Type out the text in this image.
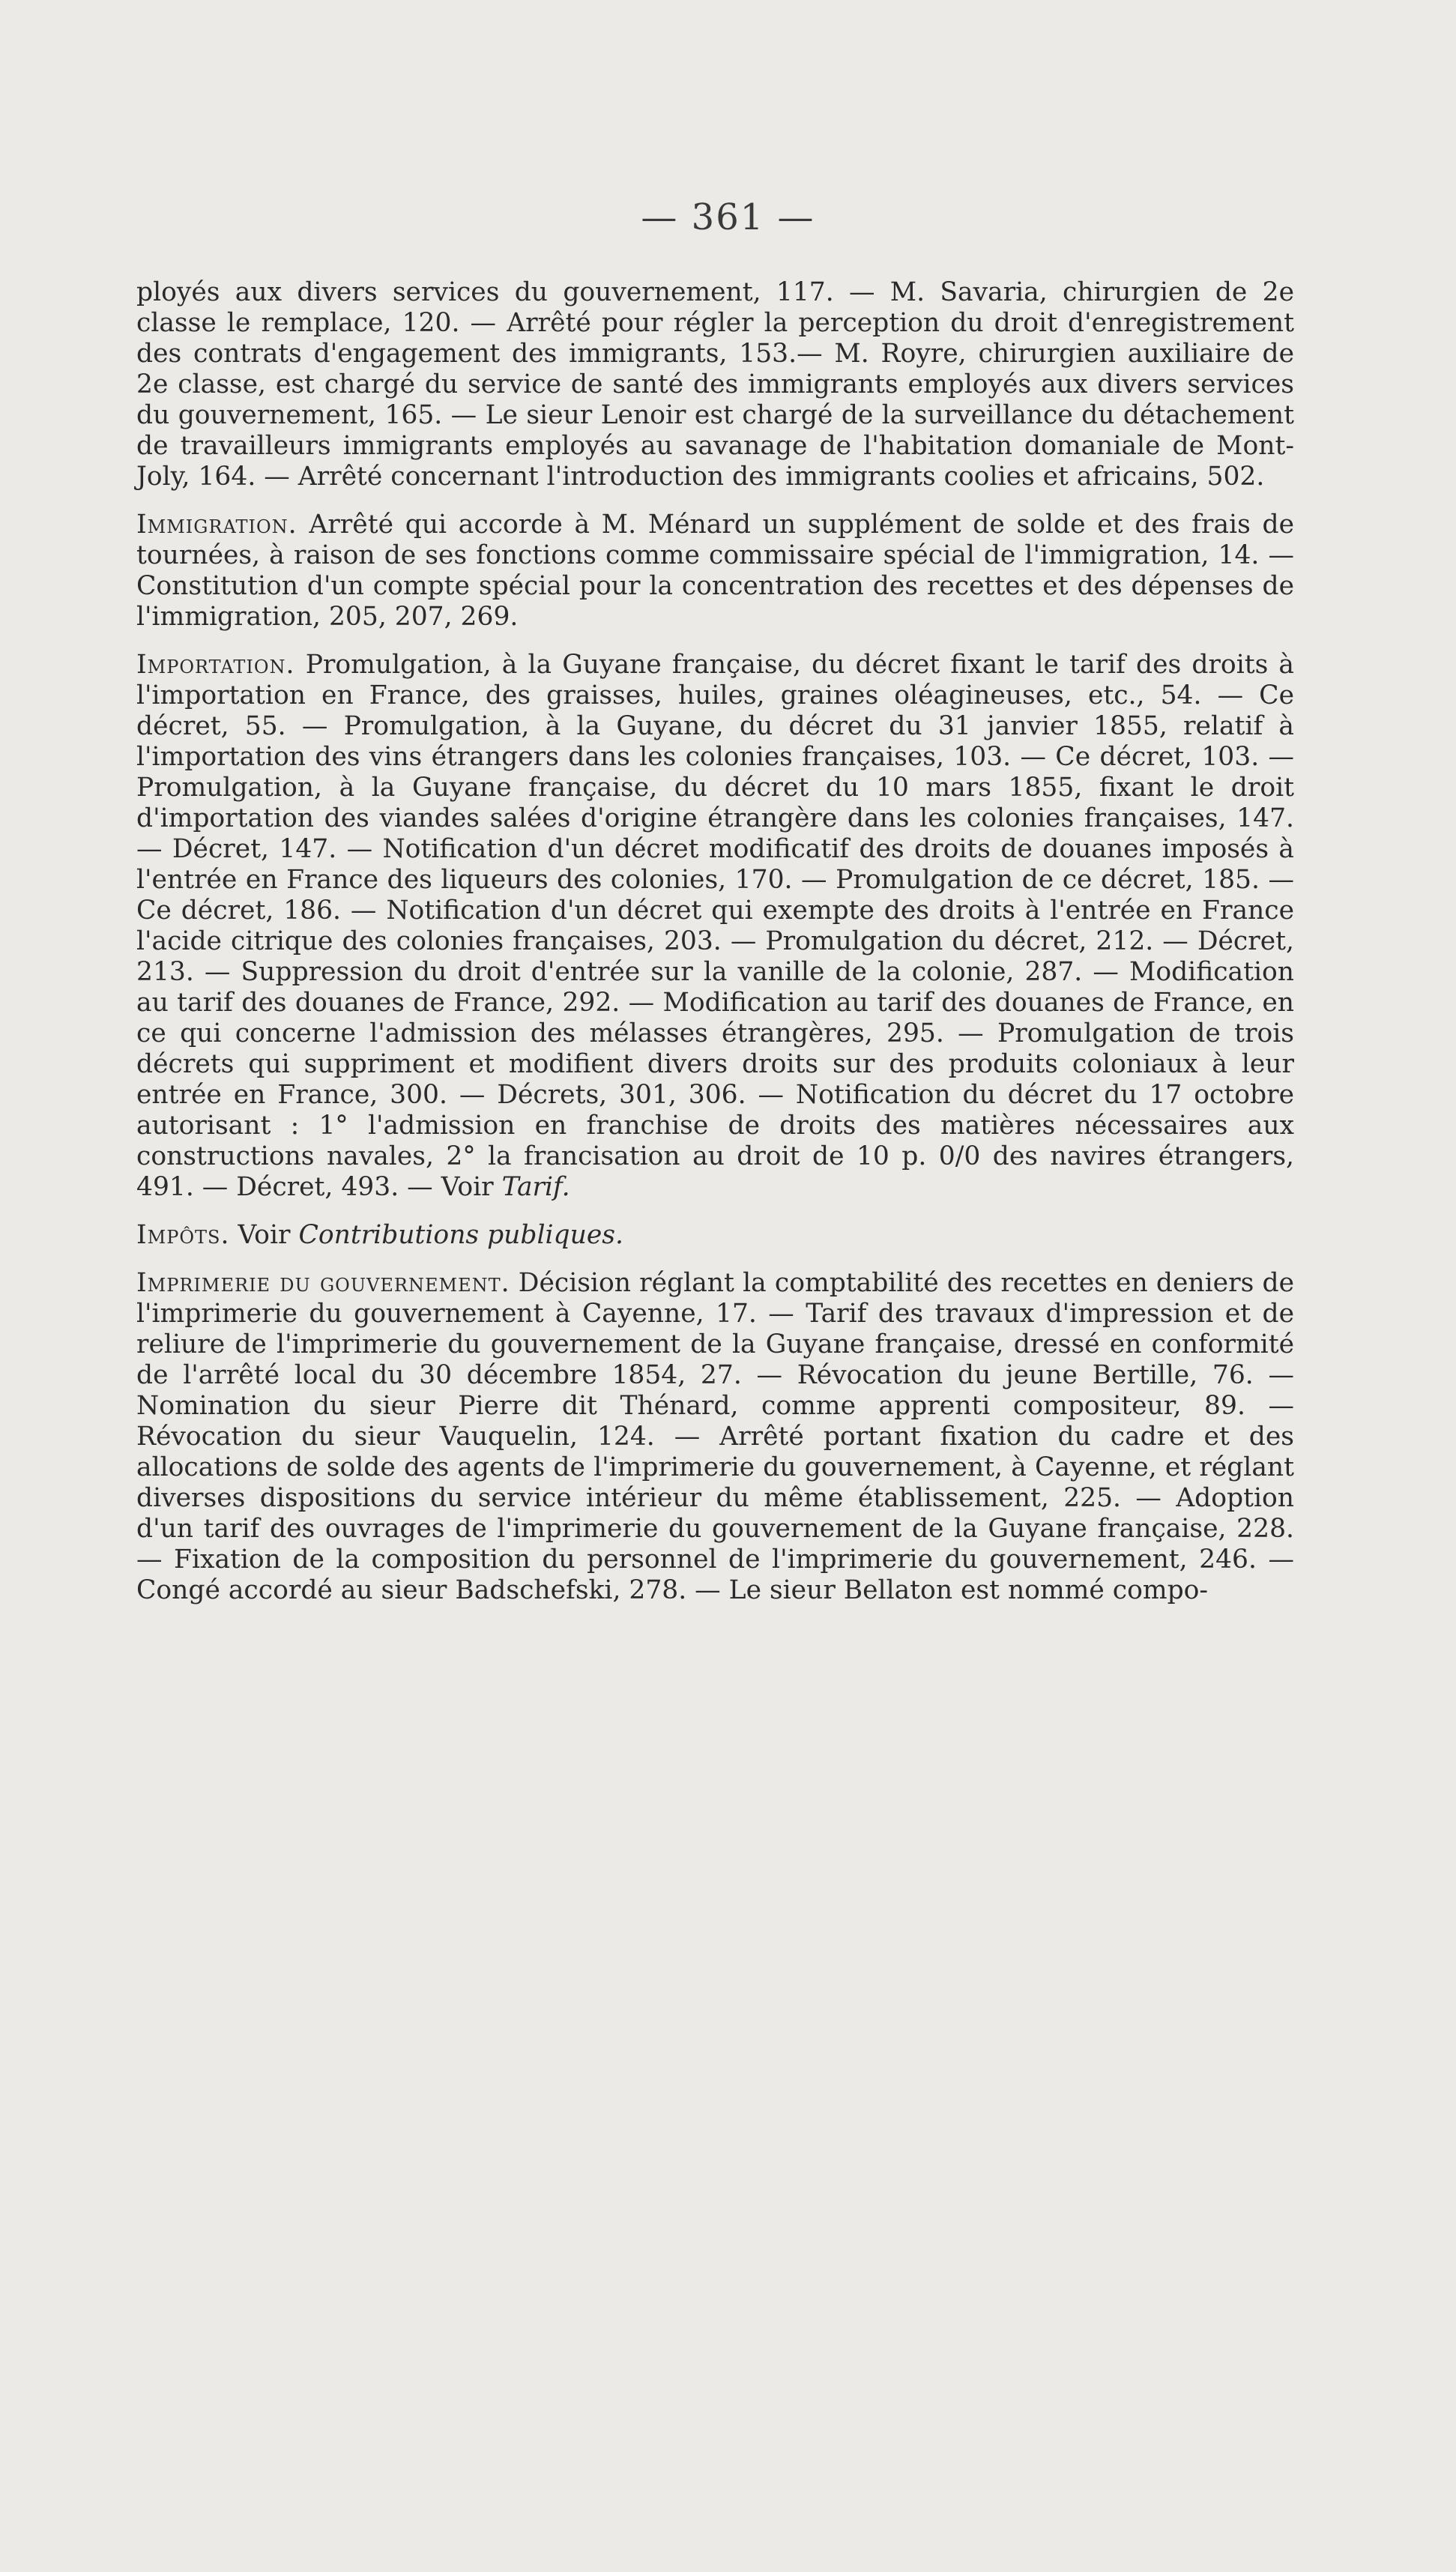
— 361 —
ployés aux divers services du gouvernement, 117. — M. Savaria, chirurgien de 2e classe le remplace, 120. — Arrêté pour régler la perception du droit d'enregistrement des contrats d'engagement des immigrants, 153.— M. Royre, chirurgien auxiliaire de 2e classe, est chargé du service de santé des immigrants employés aux divers services du gouvernement, 165. — Le sieur Lenoir est chargé de la surveillance du détachement de travailleurs immigrants employés au savanage de l'habitation domaniale de Mont-Joly, 164. — Arrêté concernant l'introduction des immigrants coolies et africains, 502.
Immigration. Arrêté qui accorde à M. Ménard un supplément de solde et des frais de tournées, à raison de ses fonctions comme commissaire spécial de l'immigration, 14. — Constitution d'un compte spécial pour la concentration des recettes et des dépenses de l'immigration, 205, 207, 269.
Importation. Promulgation, à la Guyane française, du décret fixant le tarif des droits à l'importation en France, des graisses, huiles, graines oléagineuses, etc., 54. — Ce décret, 55. — Promulgation, à la Guyane, du décret du 31 janvier 1855, relatif à l'importation des vins étrangers dans les colonies françaises, 103. — Ce décret, 103. — Promulgation, à la Guyane française, du décret du 10 mars 1855, fixant le droit d'importation des viandes salées d'origine étrangère dans les colonies françaises, 147. — Décret, 147. — Notification d'un décret modificatif des droits de douanes imposés à l'entrée en France des liqueurs des colonies, 170. — Promulgation de ce décret, 185. — Ce décret, 186. — Notification d'un décret qui exempte des droits à l'entrée en France l'acide citrique des colonies françaises, 203. — Promulgation du décret, 212. — Décret, 213. — Suppression du droit d'entrée sur la vanille de la colonie, 287. — Modification au tarif des douanes de France, 292. — Modification au tarif des douanes de France, en ce qui concerne l'admission des mélasses étrangères, 295. — Promulgation de trois décrets qui suppriment et modifient divers droits sur des produits coloniaux à leur entrée en France, 300. — Décrets, 301, 306. — Notification du décret du 17 octobre autorisant : 1° l'admission en franchise de droits des matières nécessaires aux constructions navales, 2° la francisation au droit de 10 p. 0/0 des navires étrangers, 491. — Décret, 493. — Voir Tarif.
Impôts. Voir Contributions publiques.
Imprimerie du gouvernement. Décision réglant la comptabilité des recettes en deniers de l'imprimerie du gouvernement à Cayenne, 17. — Tarif des travaux d'impression et de reliure de l'imprimerie du gouvernement de la Guyane française, dressé en conformité de l'arrêté local du 30 décembre 1854, 27. — Révocation du jeune Bertille, 76. — Nomination du sieur Pierre dit Thénard, comme apprenti compositeur, 89. — Révocation du sieur Vauquelin, 124. — Arrêté portant fixation du cadre et des allocations de solde des agents de l'imprimerie du gouvernement, à Cayenne, et réglant diverses dispositions du service intérieur du même établissement, 225. — Adoption d'un tarif des ouvrages de l'imprimerie du gouvernement de la Guyane française, 228. — Fixation de la composition du personnel de l'imprimerie du gouvernement, 246. — Congé accordé au sieur Badschefski, 278. — Le sieur Bellaton est nommé compo-
